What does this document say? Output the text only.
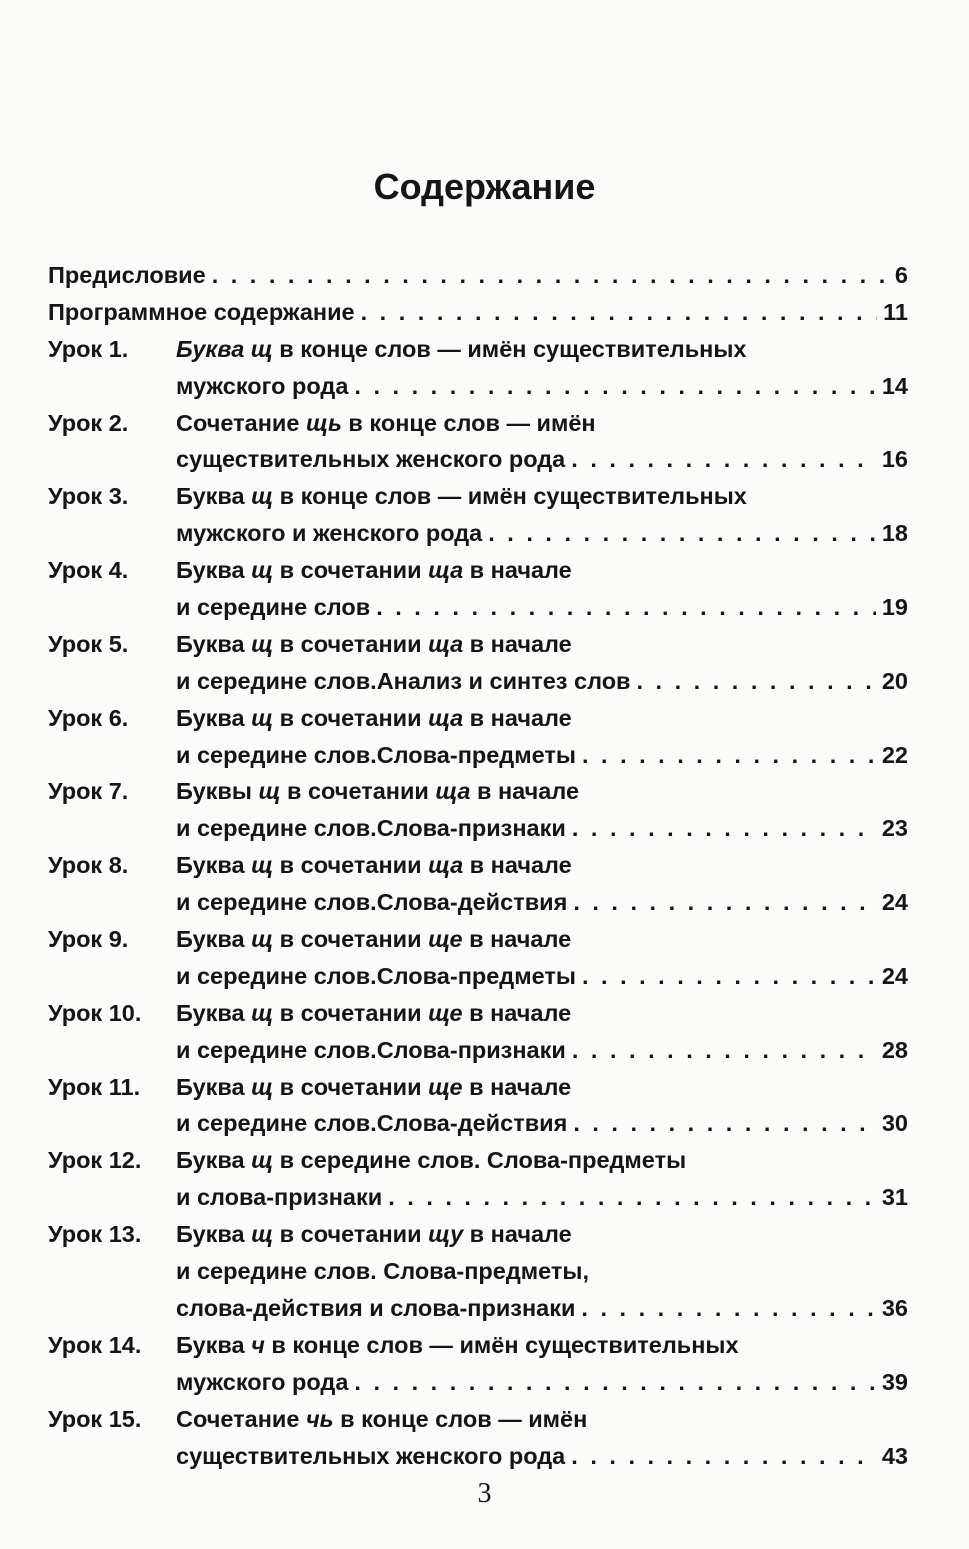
Содержание
Предисловие . . .	6
Программное содержание . . .	11
Урок 1.	Буква щ в конце слов — имён существительных
мужского рода . . .	14
Урок 2.	Сочетание щь в конце слов — имён
существительных женского рода . . .	16
Урок 3.	Буква щ в конце слов — имён существительных
мужского и женского рода . . .	18
Урок 4.	Буква щ в сочетании ща в начале
и середине слов . . .	19
Урок 5.	Буква щ в сочетании ща в начале
и середине слов.Анализ и синтез слов . . .	20
Урок 6.	Буква щ в сочетании ща в начале
и середине слов.Слова-предметы . . .	22
Урок 7.	Буквы щ в сочетании ща в начале
и середине слов.Слова-признаки . . .	23
Урок 8.	Буква щ в сочетании ща в начале
и середине слов.Слова-действия . . .	24
Урок 9.	Буква щ в сочетании ще в начале
и середине слов.Слова-предметы . . .	24
Урок 10.	Буква щ в сочетании ще в начале
и середине слов.Слова-признаки . . .	28
Урок 11.	Буква щ в сочетании ще в начале
и середине слов.Слова-действия . . .	30
Урок 12.	Буква щ в середине слов. Слова-предметы
и слова-признаки . . .	31
Урок 13.	Буква щ в сочетании щу в начале
и середине слов. Слова-предметы,
слова-действия и слова-признаки . . .	36
Урок 14.	Буква ч в конце слов — имён существительных
мужского рода . . .	39
Урок 15.	Сочетание чь в конце слов — имён
существительных женского рода . . .	43
3
